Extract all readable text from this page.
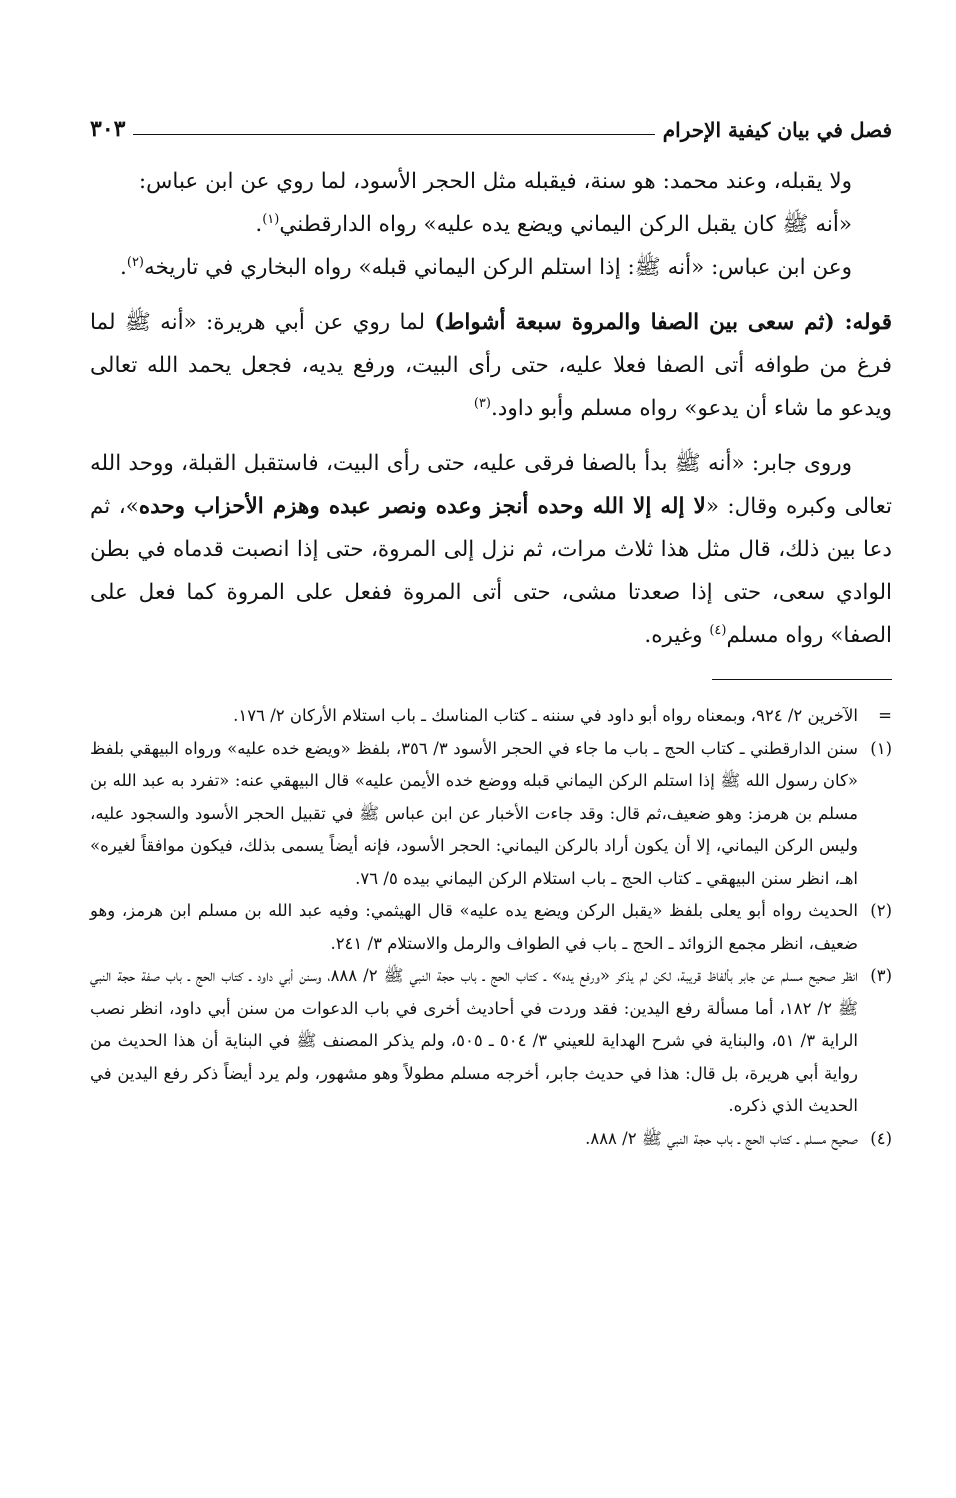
فصل في بيان كيفية الإحرام
٣٠٣

ولا يقبله، وعند محمد: هو سنة، فيقبله مثل الحجر الأسود، لما روي عن ابن عباس:

«أنه ﷺ كان يقبل الركن اليماني ويضع يده عليه» رواه الدارقطني$^{(١)}$.

وعن ابن عباس: «أنه ﷺ: إذا استلم الركن اليماني قبله» رواه البخاري في تاريخه$^{(٢)}$.

قوله: (ثم سعى بين الصفا والمروة سبعة أشواط) لما روي عن أبي هريرة: «أنه ﷺ لما فرغ من طوافه أتى الصفا فعلا عليه، حتى رأى البيت، ورفع يديه، فجعل يحمد الله تعالى ويدعو ما شاء أن يدعو» رواه مسلم وأبو داود.$^{(٣)}$

وروى جابر: «أنه ﷺ بدأ بالصفا فرقى عليه، حتى رأى البيت، فاستقبل القبلة، ووحد الله تعالى وكبره وقال: «لا إله إلا الله وحده أنجز وعده ونصر عبده وهزم الأحزاب وحده»، ثم دعا بين ذلك، قال مثل هذا ثلاث مرات، ثم نزل إلى المروة، حتى إذا انصبت قدماه في بطن الوادي سعى، حتى إذا صعدتا مشى، حتى أتى المروة ففعل على المروة كما فعل على الصفا» رواه مسلم$^{(٤)}$ وغيره.

=
الآخرين ٢/ ٩٢٤، وبمعناه رواه أبو داود في سننه ـ كتاب المناسك ـ باب استلام الأركان ٢/ ١٧٦.
(١)
سنن الدارقطني ـ كتاب الحج ـ باب ما جاء في الحجر الأسود ٣/ ٣٥٦، بلفظ «ويضع خده عليه» ورواه البيهقي بلفظ «كان رسول الله ﷺ إذا استلم الركن اليماني قبله ووضع خده الأيمن عليه» قال البيهقي عنه: «تفرد به عبد الله بن مسلم بن هرمز: وهو ضعيف،ثم قال: وقد جاءت الأخبار عن ابن عباس ﷺ في تقبيل الحجر الأسود والسجود عليه، وليس الركن اليماني، إلا أن يكون أراد بالركن اليماني: الحجر الأسود، فإنه أيضاً يسمى بذلك، فيكون موافقاً لغيره» اهـ، انظر سنن البيهقي ـ كتاب الحج ـ باب استلام الركن اليماني بيده ٥/ ٧٦.
(٢)
الحديث رواه أبو يعلى بلفظ «يقبل الركن ويضع يده عليه» قال الهيثمي: وفيه عبد الله بن مسلم ابن هرمز، وهو ضعيف، انظر مجمع الزوائد ـ الحج ـ باب في الطواف والرمل والاستلام ٣/ ٢٤١.
(٣)
انظر صحيح مسلم عن جابر بألفاظ قريبة، لكن لم يذكر «ورفع يده» ـ كتاب الحج ـ باب حجة النبي ﷺ ٢/ ٨٨٨، وسنن أبي داود ـ كتاب الحج ـ باب صفة حجة النبي ﷺ ٢/ ١٨٢، أما مسألة رفع اليدين: فقد وردت في أحاديث أخرى في باب الدعوات من سنن أبي داود، انظر نصب الراية ٣/ ٥١، والبناية في شرح الهداية للعيني ٣/ ٥٠٤ ـ ٥٠٥، ولم يذكر المصنف ﷺ في البناية أن هذا الحديث من رواية أبي هريرة، بل قال: هذا في حديث جابر، أخرجه مسلم مطولاً وهو مشهور، ولم يرد أيضاً ذكر رفع اليدين في الحديث الذي ذكره.
(٤)
صحيح مسلم ـ كتاب الحج ـ باب حجة النبي ﷺ ٢/ ٨٨٨.
